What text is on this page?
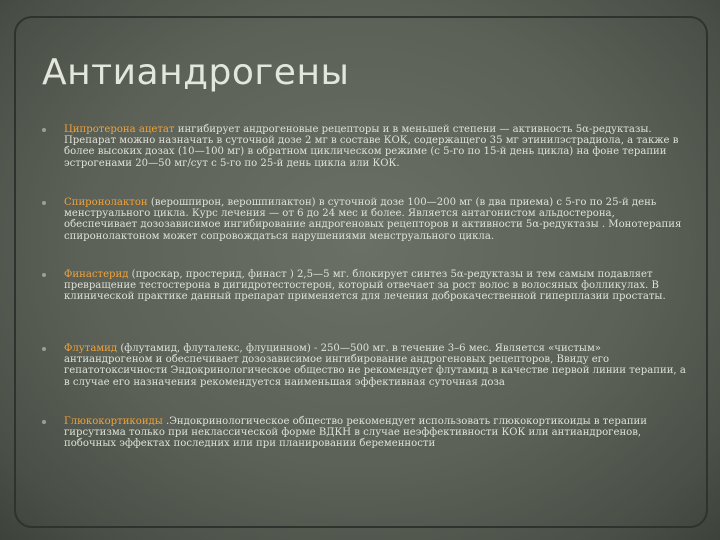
Антиандрогены
Ципротерона ацетат ингибирует андрогеновые рецепторы и в меньшей степени — активность 5α-редуктазы. Препарат можно назначать в суточной дозе 2 мг в составе КОК, содержащего 35 мг этинилэстрадиола, а также в более высоких дозах (10—100 мг) в обратном циклическом режиме (с 5-го по 15-й день цикла) на фоне терапии эстрогенами 20—50 мг/сут с 5-го по 25-й день цикла или КОК.
Спиронолактон (верошпирон, верошпилактон) в суточной дозе 100—200 мг (в два приема) с 5-го по 25-й день менструального цикла. Курс лечения — от 6 до 24 мес и более. Является антагонистом альдостерона, обеспечивает дозозависимое ингибирование андрогеновых рецепторов и активности 5α-редуктазы . Монотерапия спиронолактоном может сопровождаться нарушениями менструального цикла.
Финастерид (проскар, простерид, финаст ) 2,5—5 мг. блокирует синтез 5α-редуктазы и тем самым подавляет превращение тестостерона в дигидротестостерон, который отвечает за рост волос в волосяных фолликулах. В клинической практике данный препарат применяется для лечения доброкачественной гиперплазии простаты.
Флутамид (флутамид, флуталекс, флуцинном) - 250—500 мг. в течение 3–6 мес. Является «чистым» антиандрогеном и обеспечивает дозозависимое ингибирование андрогеновых рецепторов, Ввиду его гепатотоксичности Эндокринологическое общество не рекомендует флутамид в качестве первой линии терапии, а в случае его назначения рекомендуется наименьшая эффективная суточная доза
Глюкокортикоиды .Эндокринологическое общество рекомендует использовать глюкокортикоиды в терапии гирсутизма только при неклассической форме ВДКН в случае неэффективности КОК или антиандрогенов, побочных эффектах последних или при планировании беременности
